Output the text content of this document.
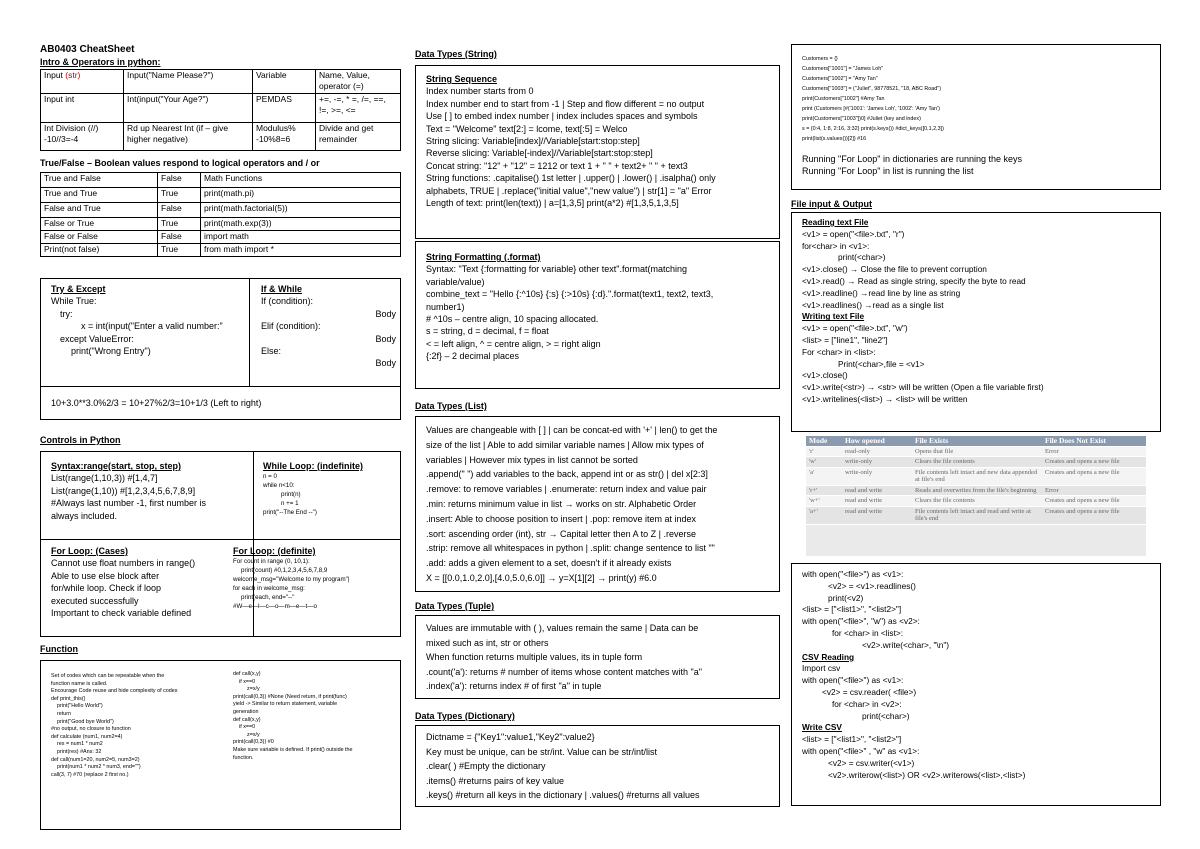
AB0403 CheatSheet
Intro & Operators in python:
Input (str)	Input("Name Please?")	Variable	Name, Value, operator (=)
Input int	Int(input("Your Age?")	PEMDAS	+=, -=, * =, /=, ==, !=, >=, <=
Int Division (//) -10//3=-4	Rd up Nearest Int (if – give higher negative)	Modulus% -10%8=6	Divide and get remainder
True/False – Boolean values respond to logical operators and / or
True and False	False	Math Functions
True and True	True	print(math.pi)
False and True	False	print(math.factorial(5))
False or True	True	print(math.exp(3))
False or False	False	import math
Print(not false)	True	from math import *
Try & Except
While True:
try:
x = int(input("Enter a valid number:"
except ValueError:
print("Wrong Entry")
If & While
If (condition):
Body
Elif (condition):
Body
Else:
Body
10+3.0**3.0%2/3 = 10+27%2/3=10+1/3 (Left to right)
Controls in Python
Syntax:range(start, stop, step)
List(range(1,10,3)) #[1,4,7]
List(range(1,10)) #[1,2,3,4,5,6,7,8,9]
#Always last number -1, first number is
always included.
While Loop: (indefinite)
n = 0
while n<10:
print(n)
n += 1
print("--The End --")
For Loop: (Cases)
Cannot use float numbers in range()
Able to use else block after
for/while loop. Check if loop
executed successfully
Important to check variable defined
For Loop: (definite)
For count in range (0, 10,1):
print(count) #0,1,2,3,4,5,6,7,8,9
welcome_msg="Welcome to my program"|
for each in welcome_msg:
print(each, end="--"
#W—e—l—c—o—m—e—t—o
Function
Set of codes which can be repeatable when the
function name is called.
Encourage Code reuse and hide complexity of codes
def print_this()
print("Hello World")
return
print("Good bye World")
#no output, no closure to function
def calculate (num1, num2=4)
res = num1 * num2
print(res) #Ans: 32
def call(num1=20, num2=5, num3=2)
print(num1 * num2 * num3, end="")
call(3, 7) #70 (replace 2 first no.)
def call(x,y)
if x==0
z=x/y
print(call(0,3)) #None (Need return, if print(func)
yield -> Similar to return statement, variable
generation
def call(x,y)
if x==0
z=x/y
print(call(0,3)) #0
Make sure variable is defined. If print() outside the
function.
Data Types (String)
String Sequence
Index number starts from 0
Index number end to start from -1 | Step and flow different = no output
Use [ ] to embed index number | index includes spaces and symbols
Text = "Welcome" text[2:] = lcome, text[:5] = Welco
String slicing: Variable[index]//Variable[start:stop:step]
Reverse slicing: Variable[-index]//Variable[start:stop:step]
Concat string: "12" + "12" = 1212 or text 1 + " " + text2+ " " + text3
String functions: .capitalise() 1st letter | .upper() | .lower() | .isalpha() only
alphabets, TRUE | .replace("initial value","new value") | str[1] = "a" Error
Length of text: print(len(text)) | a=[1,3,5] print(a*2) #[1,3,5,1,3,5]
String Formatting (.format)
Syntax: "Text {:formatting for variable} other text".format(matching
variable/value)
combine_text = "Hello {:^10s} {:s} {:>10s} {:d}.".format(text1, text2, text3,
number1)
# ^10s – centre align, 10 spacing allocated.
s = string, d = decimal, f = float
< = left align, ^ = centre align, > = right align
{:2f} – 2 decimal places
Data Types (List)
Values are changeable with [ ] | can be concat-ed with '+' | len() to get the
size of the list | Able to add similar variable names | Allow mix types of
variables | However mix types in list cannot be sorted
.append(" ") add variables to the back, append int or as str() | del x[2:3]
.remove: to remove variables | .enumerate: return index and value pair
.min: returns minimum value in list → works on str. Alphabetic Order
.insert: Able to choose position to insert | .pop: remove item at index
.sort: ascending order (int), str → Capital letter then A to Z | .reverse
.strip: remove all whitespaces in python | .split: change sentence to list ""
.add: adds a given element to a set, doesn't if it already exists
X = [[0.0,1.0,2.0],[4.0,5.0,6.0]] → y=X[1][2] → print(y) #6.0
Data Types (Tuple)
Values are immutable with ( ), values remain the same | Data can be
mixed such as int, str or others
When function returns multiple values, its in tuple form
.count('a'): returns # number of items whose content matches with "a"
.index('a'): returns index # of first "a" in tuple
Data Types (Dictionary)
Dictname = {"Key1":value1,"Key2":value2}
Key must be unique, can be str/int. Value can be str/int/list
.clear( ) #Empty the dictionary
.items() #returns pairs of key value
.keys() #return all keys in the dictionary | .values() #returns all values
Customers = {}
Customers["1001"] = "James Loh"
Customers["1002"] = "Amy Tan"
Customers["1003"] = ("Juliet", 98778521, "18, ABC Road")
print(Customers["1002"] #Amy Tan
print (Customers [#('1001': 'James Loh', '1002': 'Amy Tan')
print(Customers["1003"])0] #Juliet (key and index)
s = {0:4, 1:8, 2:16, 3:32} print(s.keys()) #dict_keys([0,1,2,3])
print(list(s.values())[2]) #16
Running "For Loop" in dictionaries are running the keys
Running "For Loop" in list is running the list
File input & Output
Reading text File
<v1> = open("<file>.txt", "r")
for<char> in <v1>:
print(<char>)
<v1>.close() → Close the file to prevent corruption
<v1>.read() → Read as single string, specify the byte to read
<v1>.readline() →read line by line as string
<v1>.readlines() →read as a single list
Writing text File
<v1> = open("<file>.txt", "w")
<list> = ["line1", "line2"]
For <char> in <list>:
Print(<char>,file = <v1>
<v1>.close()
<v1>.write(<str>) → <str> will be written (Open a file variable first)
<v1>.writelines(<list>) → <list> will be written
Mode	How opened	File Exists	File Does Not Exist
'r'	read-only	Opens that file	Error
'w'	write-only	Clears the file contents	Creates and opens a new file
'a'	write-only	File contents left intact and new data appended at file's end	Creates and opens a new file
'r+'	read and write	Reads and overwrites from the file's beginning	Error
'w+'	read and write	Clears the file contents	Creates and opens a new file
'a+'	read and write	File contents left intact and read and write at file's end	Creates and opens a new file
with open("<file>") as <v1>:
<v2> = <v1>.readlines()
print(<v2)
<list> = ["<list1>", "<list2>"]
with open("<file>", "w") as <v2>:
for <char> in <list>:
<v2>.write(<char>, "\n")
CSV Reading
Import csv
with open("<file>") as <v1>:
<v2> = csv.reader( <file>)
for <char> in <v2>:
print(<char>)
Write CSV
<list> = ["<list1>", "<list2>"]
with open("<file>" , "w" as <v1>:
<v2> = csv.writer(<v1>)
<v2>.writerow(<list>) OR <v2>.writerows(<list>,<list>)
